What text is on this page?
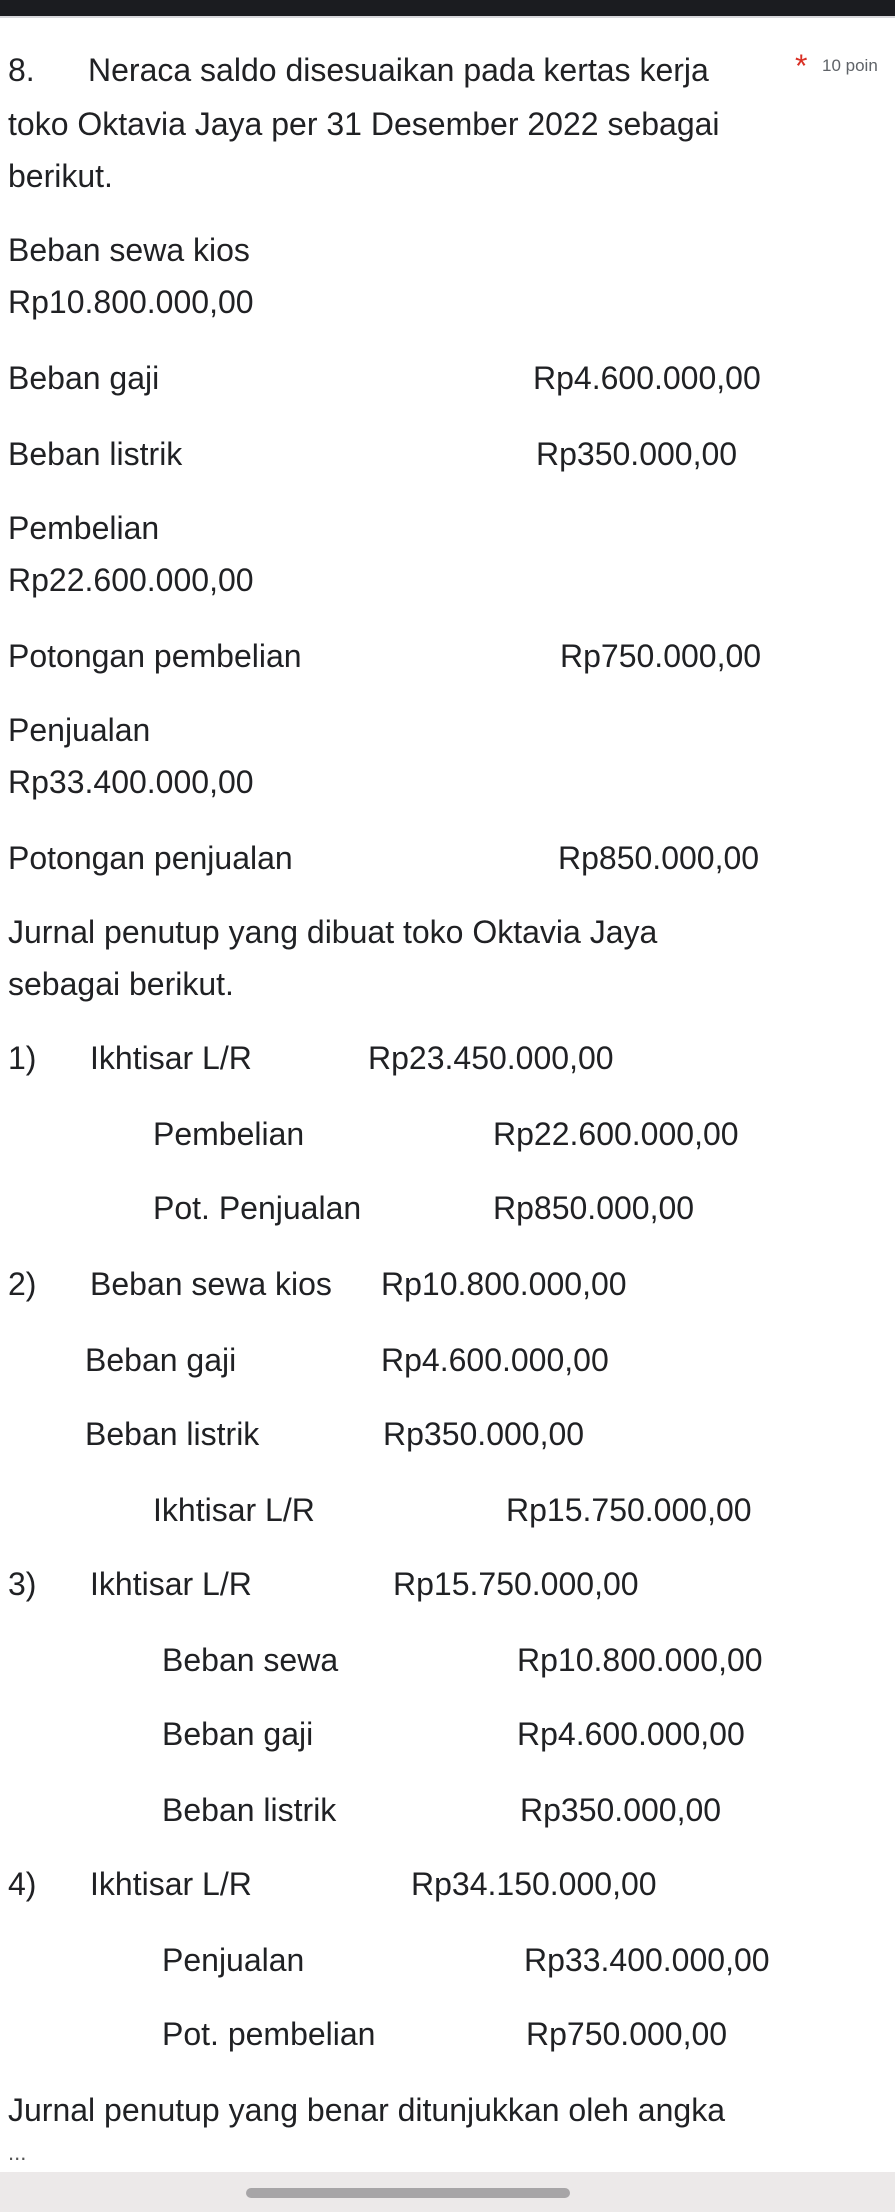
8. Neraca saldo disesuaikan pada kertas kerja	* 10 poin
toko Oktavia Jaya per 31 Desember 2022 sebagai
berikut.
Beban sewa kios
Rp10.800.000,00
Beban gaji	Rp4.600.000,00
Beban listrik	Rp350.000,00
Pembelian
Rp22.600.000,00
Potongan pembelian	Rp750.000,00
Penjualan
Rp33.400.000,00
Potongan penjualan	Rp850.000,00
Jurnal penutup yang dibuat toko Oktavia Jaya
sebagai berikut.
1) Ikhtisar L/R	Rp23.450.000,00
Pembelian	Rp22.600.000,00
Pot. Penjualan	Rp850.000,00
2) Beban sewa kios Rp10.800.000,00
Beban gaji	Rp4.600.000,00
Beban listrik	Rp350.000,00
Ikhtisar L/R	Rp15.750.000,00
3) Ikhtisar L/R	Rp15.750.000,00
Beban sewa	Rp10.800.000,00
Beban gaji	Rp4.600.000,00
Beban listrik	Rp350.000,00
4) Ikhtisar L/R	Rp34.150.000,00
Penjualan	Rp33.400.000,00
Pot. pembelian	Rp750.000,00
Jurnal penutup yang benar ditunjukkan oleh angka
...
